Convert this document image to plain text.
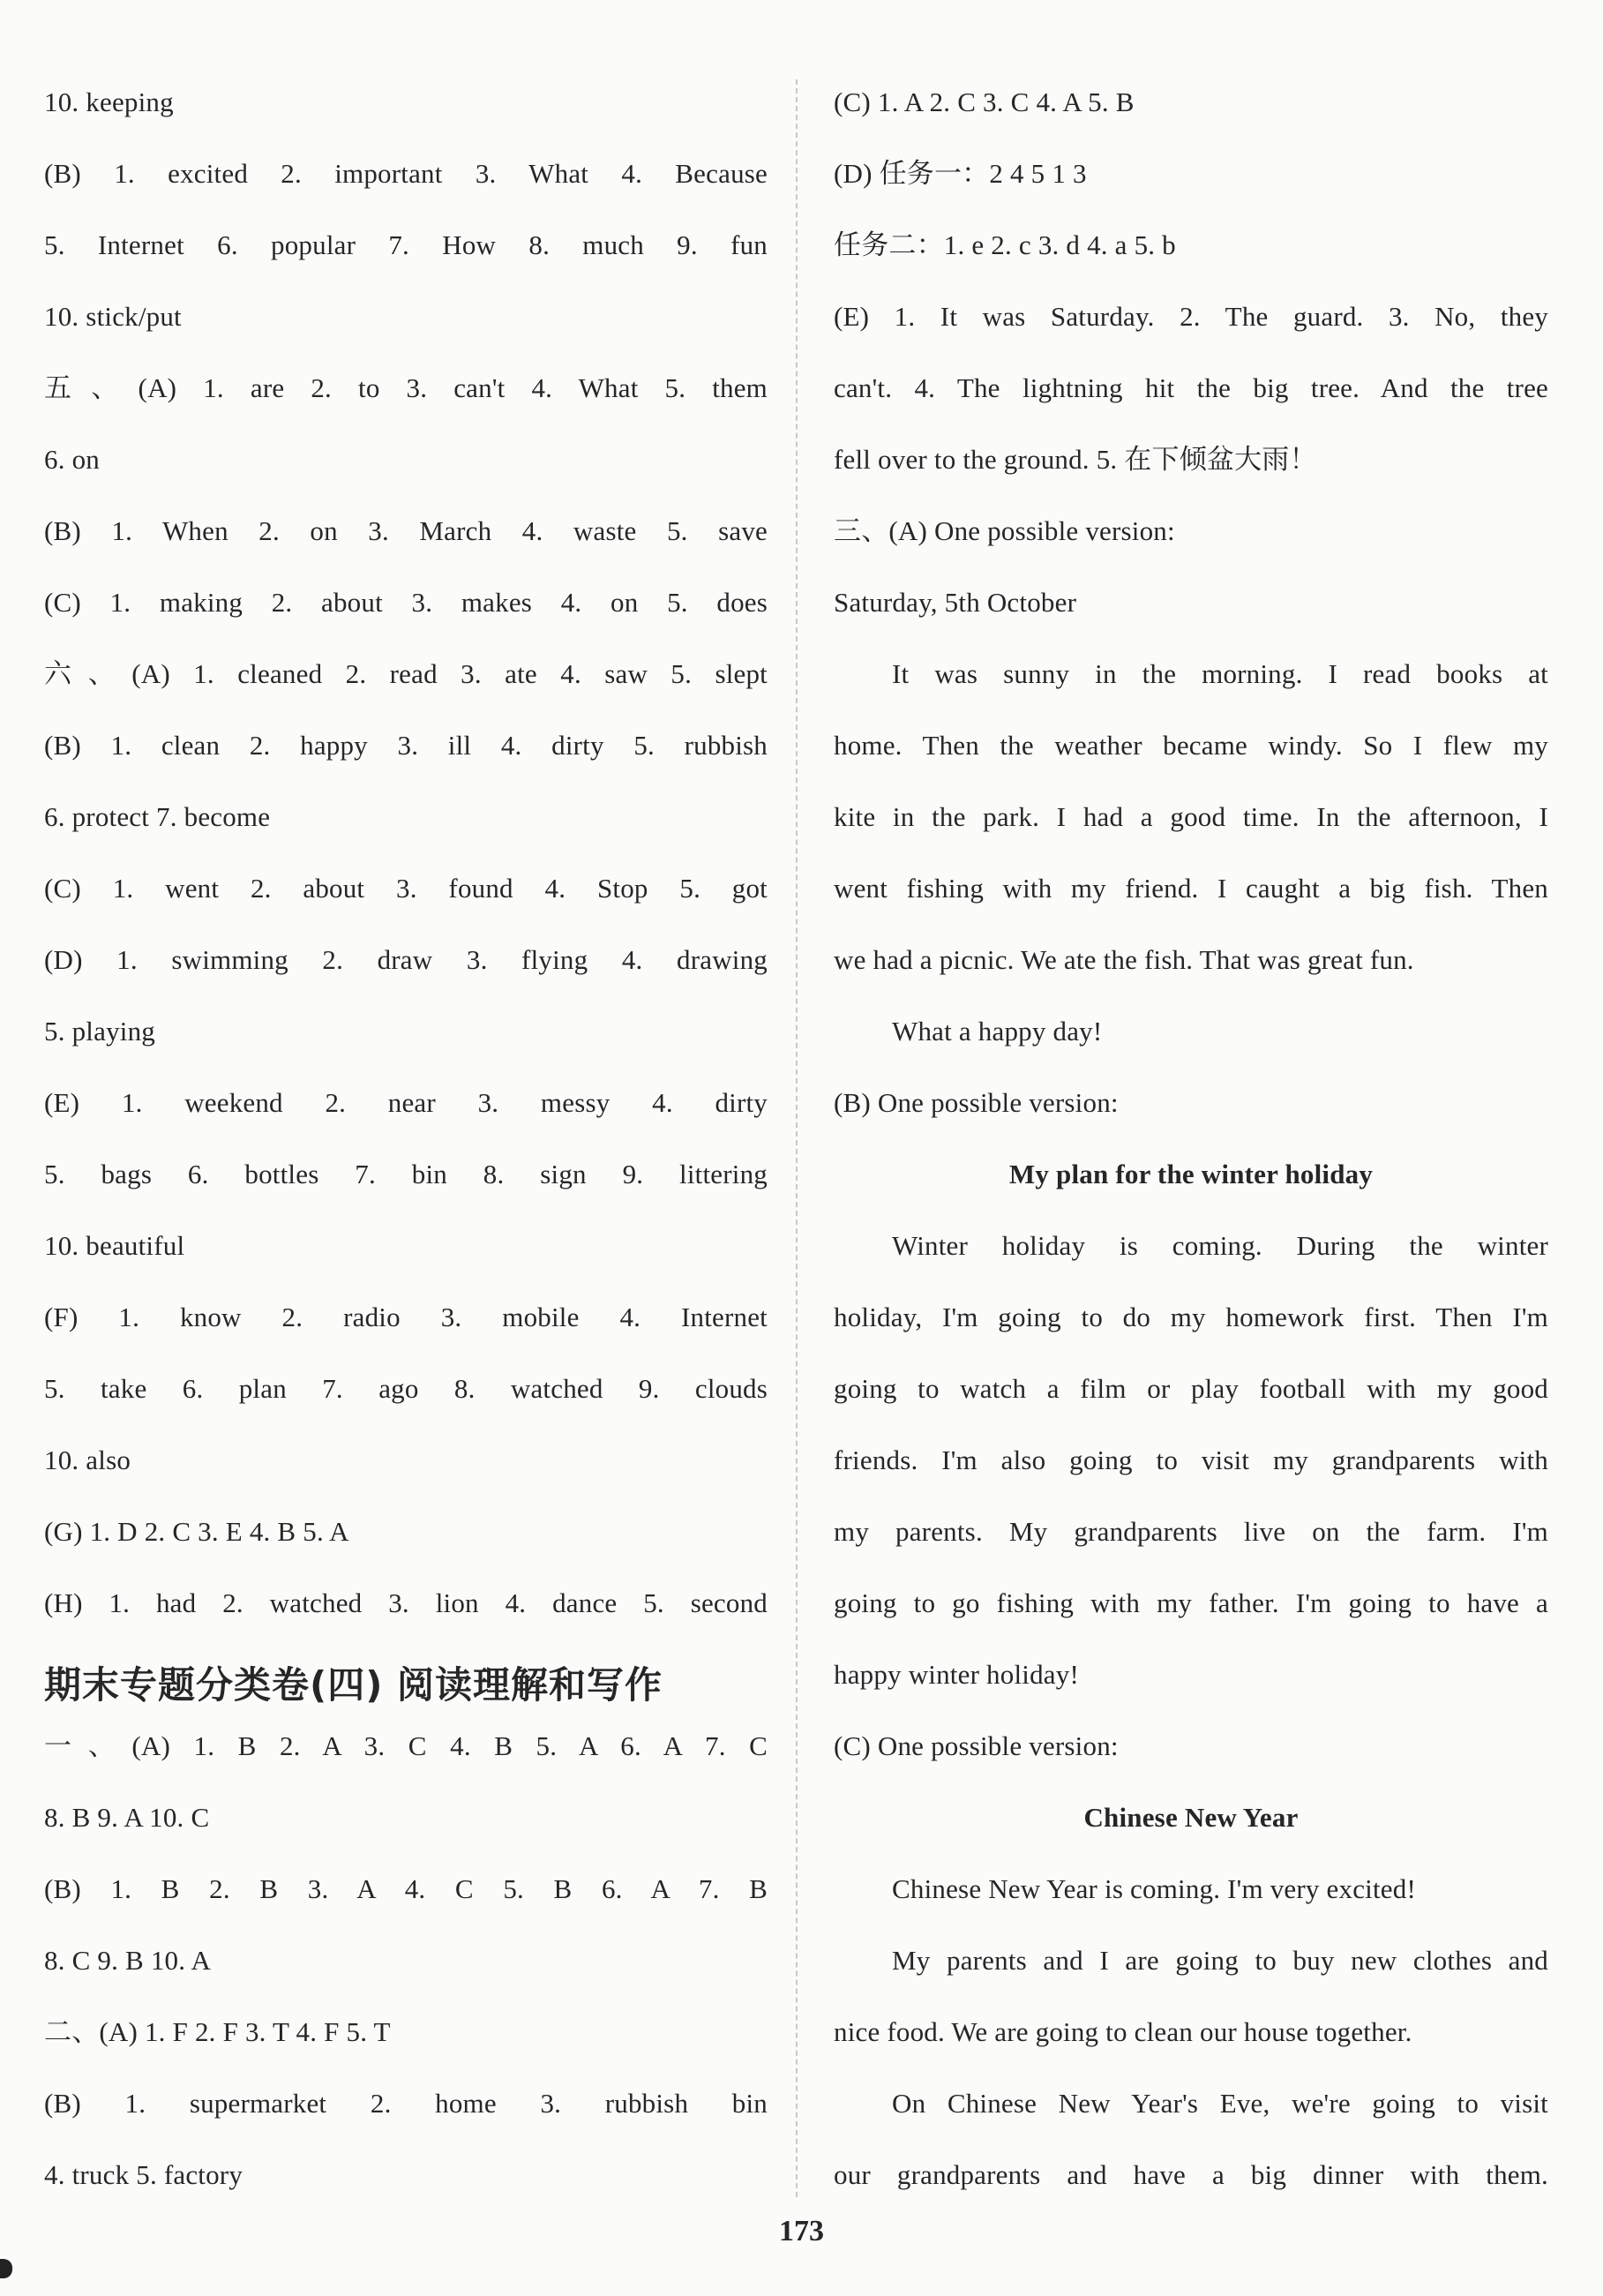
10. keeping
(B) 1. excited 2. important 3. What 4. Because
5. Internet 6. popular 7. How 8. much 9. fun
10. stick/put
五、(A) 1. are 2. to 3. can't 4. What 5. them
6. on
(B) 1. When 2. on 3. March 4. waste 5. save
(C) 1. making 2. about 3. makes 4. on 5. does
六、(A) 1. cleaned 2. read 3. ate 4. saw 5. slept
(B) 1. clean 2. happy 3. ill 4. dirty 5. rubbish
6. protect 7. become
(C) 1. went 2. about 3. found 4. Stop 5. got
(D) 1. swimming 2. draw 3. flying 4. drawing
5. playing
(E) 1. weekend 2. near 3. messy 4. dirty
5. bags 6. bottles 7. bin 8. sign 9. littering
10. beautiful
(F) 1. know 2. radio 3. mobile 4. Internet
5. take 6. plan 7. ago 8. watched 9. clouds
10. also
(G) 1. D 2. C 3. E 4. B 5. A
(H) 1. had 2. watched 3. lion 4. dance 5. second
期末专题分类卷(四) 阅读理解和写作
一、(A) 1. B 2. A 3. C 4. B 5. A 6. A 7. C
8. B 9. A 10. C
(B) 1. B 2. B 3. A 4. C 5. B 6. A 7. B
8. C 9. B 10. A
二、(A) 1. F 2. F 3. T 4. F 5. T
(B) 1. supermarket 2. home 3. rubbish bin
4. truck 5. factory
(C) 1. A 2. C 3. C 4. A 5. B
(D) 任务一：2 4 5 1 3
任务二：1. e 2. c 3. d 4. a 5. b
(E) 1. It was Saturday. 2. The guard. 3. No, they
can't. 4. The lightning hit the big tree. And the tree
fell over to the ground. 5. 在下倾盆大雨！
三、(A) One possible version:
Saturday, 5th October
It was sunny in the morning. I read books at
home. Then the weather became windy. So I flew my
kite in the park. I had a good time. In the afternoon, I
went fishing with my friend. I caught a big fish. Then
we had a picnic. We ate the fish. That was great fun.
What a happy day!
(B) One possible version:
My plan for the winter holiday
Winter holiday is coming. During the winter
holiday, I'm going to do my homework first. Then I'm
going to watch a film or play football with my good
friends. I'm also going to visit my grandparents with
my parents. My grandparents live on the farm. I'm
going to go fishing with my father. I'm going to have a
happy winter holiday!
(C) One possible version:
Chinese New Year
Chinese New Year is coming. I'm very excited!
My parents and I are going to buy new clothes and
nice food. We are going to clean our house together.
On Chinese New Year's Eve, we're going to visit
our grandparents and have a big dinner with them.
173
